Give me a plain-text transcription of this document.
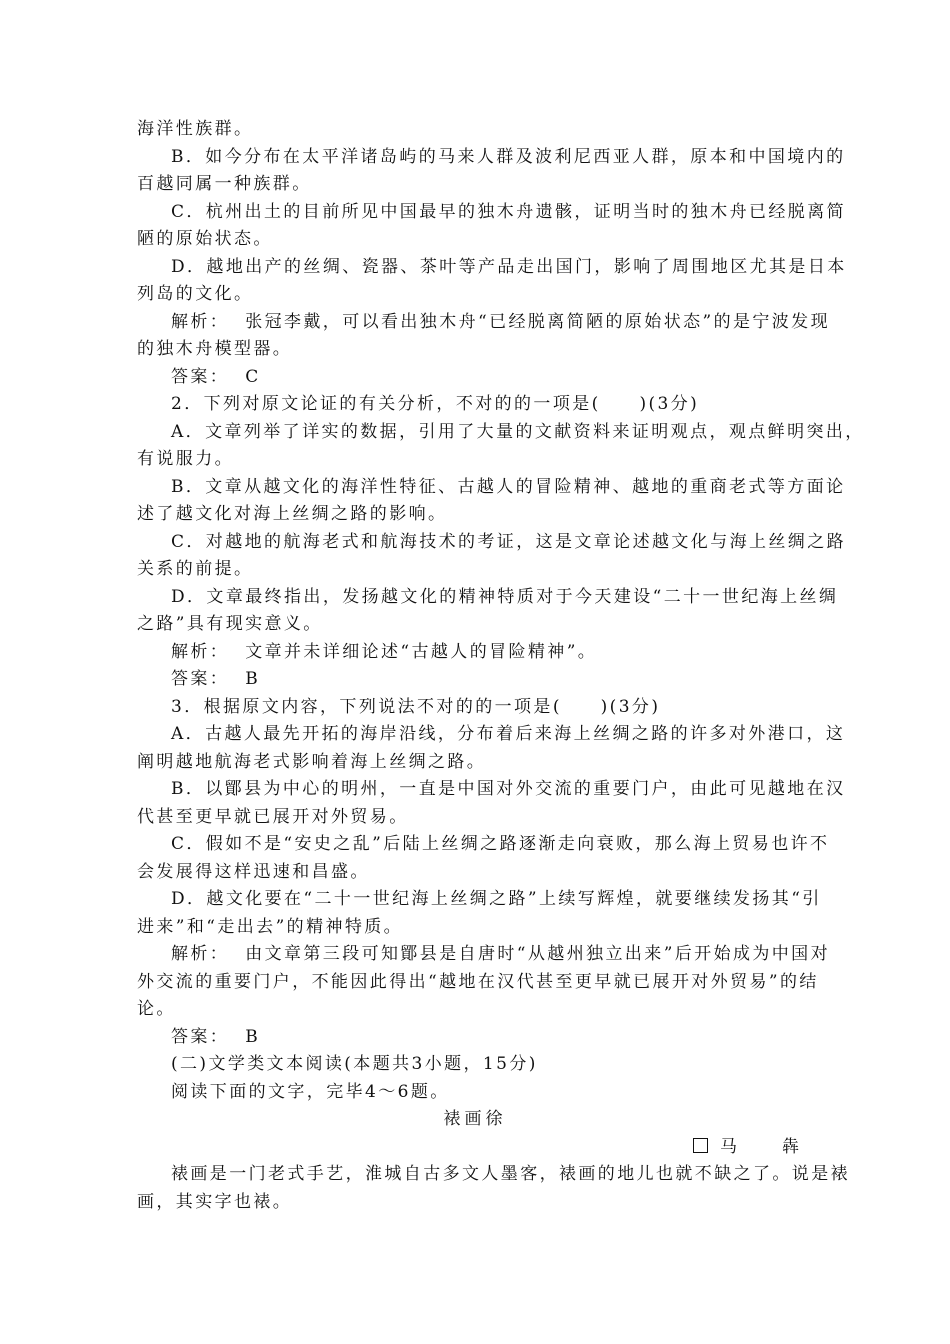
海洋性族群。
B．如今分布在太平洋诸岛屿的马来人群及波利尼西亚人群，原本和中国境内的
百越同属一种族群。
C．杭州出土的目前所见中国最早的独木舟遗骸，证明当时的独木舟已经脱离简
陋的原始状态。
D．越地出产的丝绸、瓷器、茶叶等产品走出国门，影响了周围地区尤其是日本
列岛的文化。
解析： 张冠李戴，可以看出独木舟“已经脱离简陋的原始状态”的是宁波发现
的独木舟模型器。
答案： C
2．下列对原文论证的有关分析，不对的的一项是(　　)(3分)
A．文章列举了详实的数据，引用了大量的文献资料来证明观点，观点鲜明突出，
有说服力。
B．文章从越文化的海洋性特征、古越人的冒险精神、越地的重商老式等方面论
述了越文化对海上丝绸之路的影响。
C．对越地的航海老式和航海技术的考证，这是文章论述越文化与海上丝绸之路
关系的前提。
D．文章最终指出，发扬越文化的精神特质对于今天建设“二十一世纪海上丝绸
之路”具有现实意义。
解析： 文章并未详细论述“古越人的冒险精神”。
答案： B
3．根据原文内容，下列说法不对的的一项是(　　)(3分)
A．古越人最先开拓的海岸沿线，分布着后来海上丝绸之路的许多对外港口，这
阐明越地航海老式影响着海上丝绸之路。
B．以鄮县为中心的明州，一直是中国对外交流的重要门户，由此可见越地在汉
代甚至更早就已展开对外贸易。
C．假如不是“安史之乱”后陆上丝绸之路逐渐走向衰败，那么海上贸易也许不
会发展得这样迅速和昌盛。
D．越文化要在“二十一世纪海上丝绸之路”上续写辉煌，就要继续发扬其“引
进来”和“走出去”的精神特质。
解析： 由文章第三段可知鄮县是自唐时“从越州独立出来”后开始成为中国对
外交流的重要门户，不能因此得出“越地在汉代甚至更早就已展开对外贸易”的结
论。
答案： B
(二)文学类文本阅读(本题共3小题，15分)
阅读下面的文字，完毕4～6题。
裱画徐
马　犇
裱画是一门老式手艺，淮城自古多文人墨客，裱画的地儿也就不缺之了。说是裱
画，其实字也裱。
